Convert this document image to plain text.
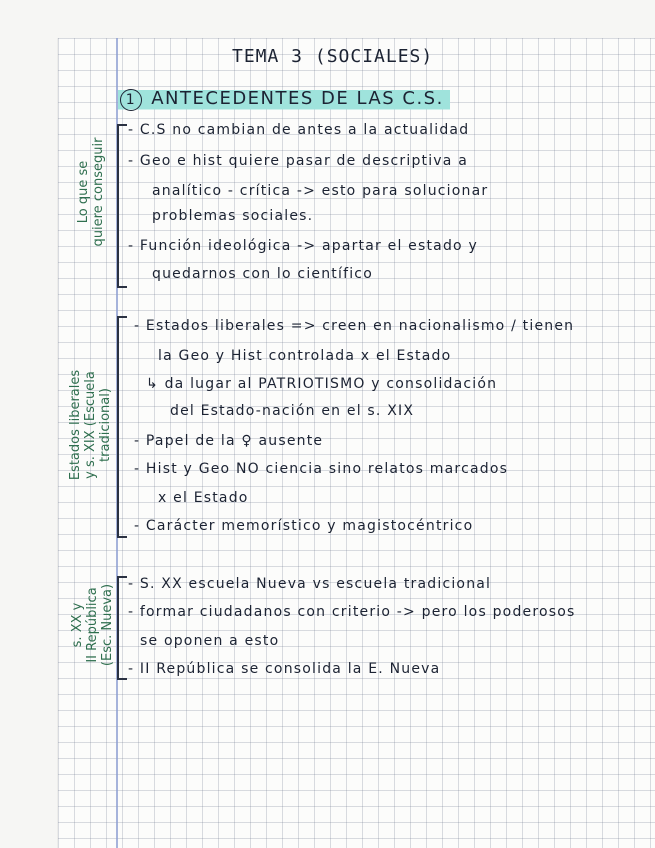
TEMA 3 (SOCIALES)
1 ANTECEDENTES DE LAS C.S.
Lo que se quiere conseguir
- C.S no cambian de antes a la actualidad
- Geo e hist quiere pasar de descriptiva a
analítico - crítica -> esto para solucionar
problemas sociales.
- Función ideológica -> apartar el estado y
quedarnos con lo científico
Estados liberales y s. XIX (Escuela tradicional)
- Estados liberales => creen en nacionalismo / tienen
la Geo y Hist controlada x el Estado
↳ da lugar al PATRIOTISMO y consolidación
del Estado-nación en el s. XIX
- Papel de la ♀ ausente
- Hist y Geo NO ciencia sino relatos marcados
x el Estado
- Carácter memorístico y magistocéntrico
s. XX y II República (Esc. Nueva) - S. XX escuela Nueva vs escuela tradicional
- formar ciudadanos con criterio -> pero los poderosos
se oponen a esto
- II República se consolida la E. Nueva
